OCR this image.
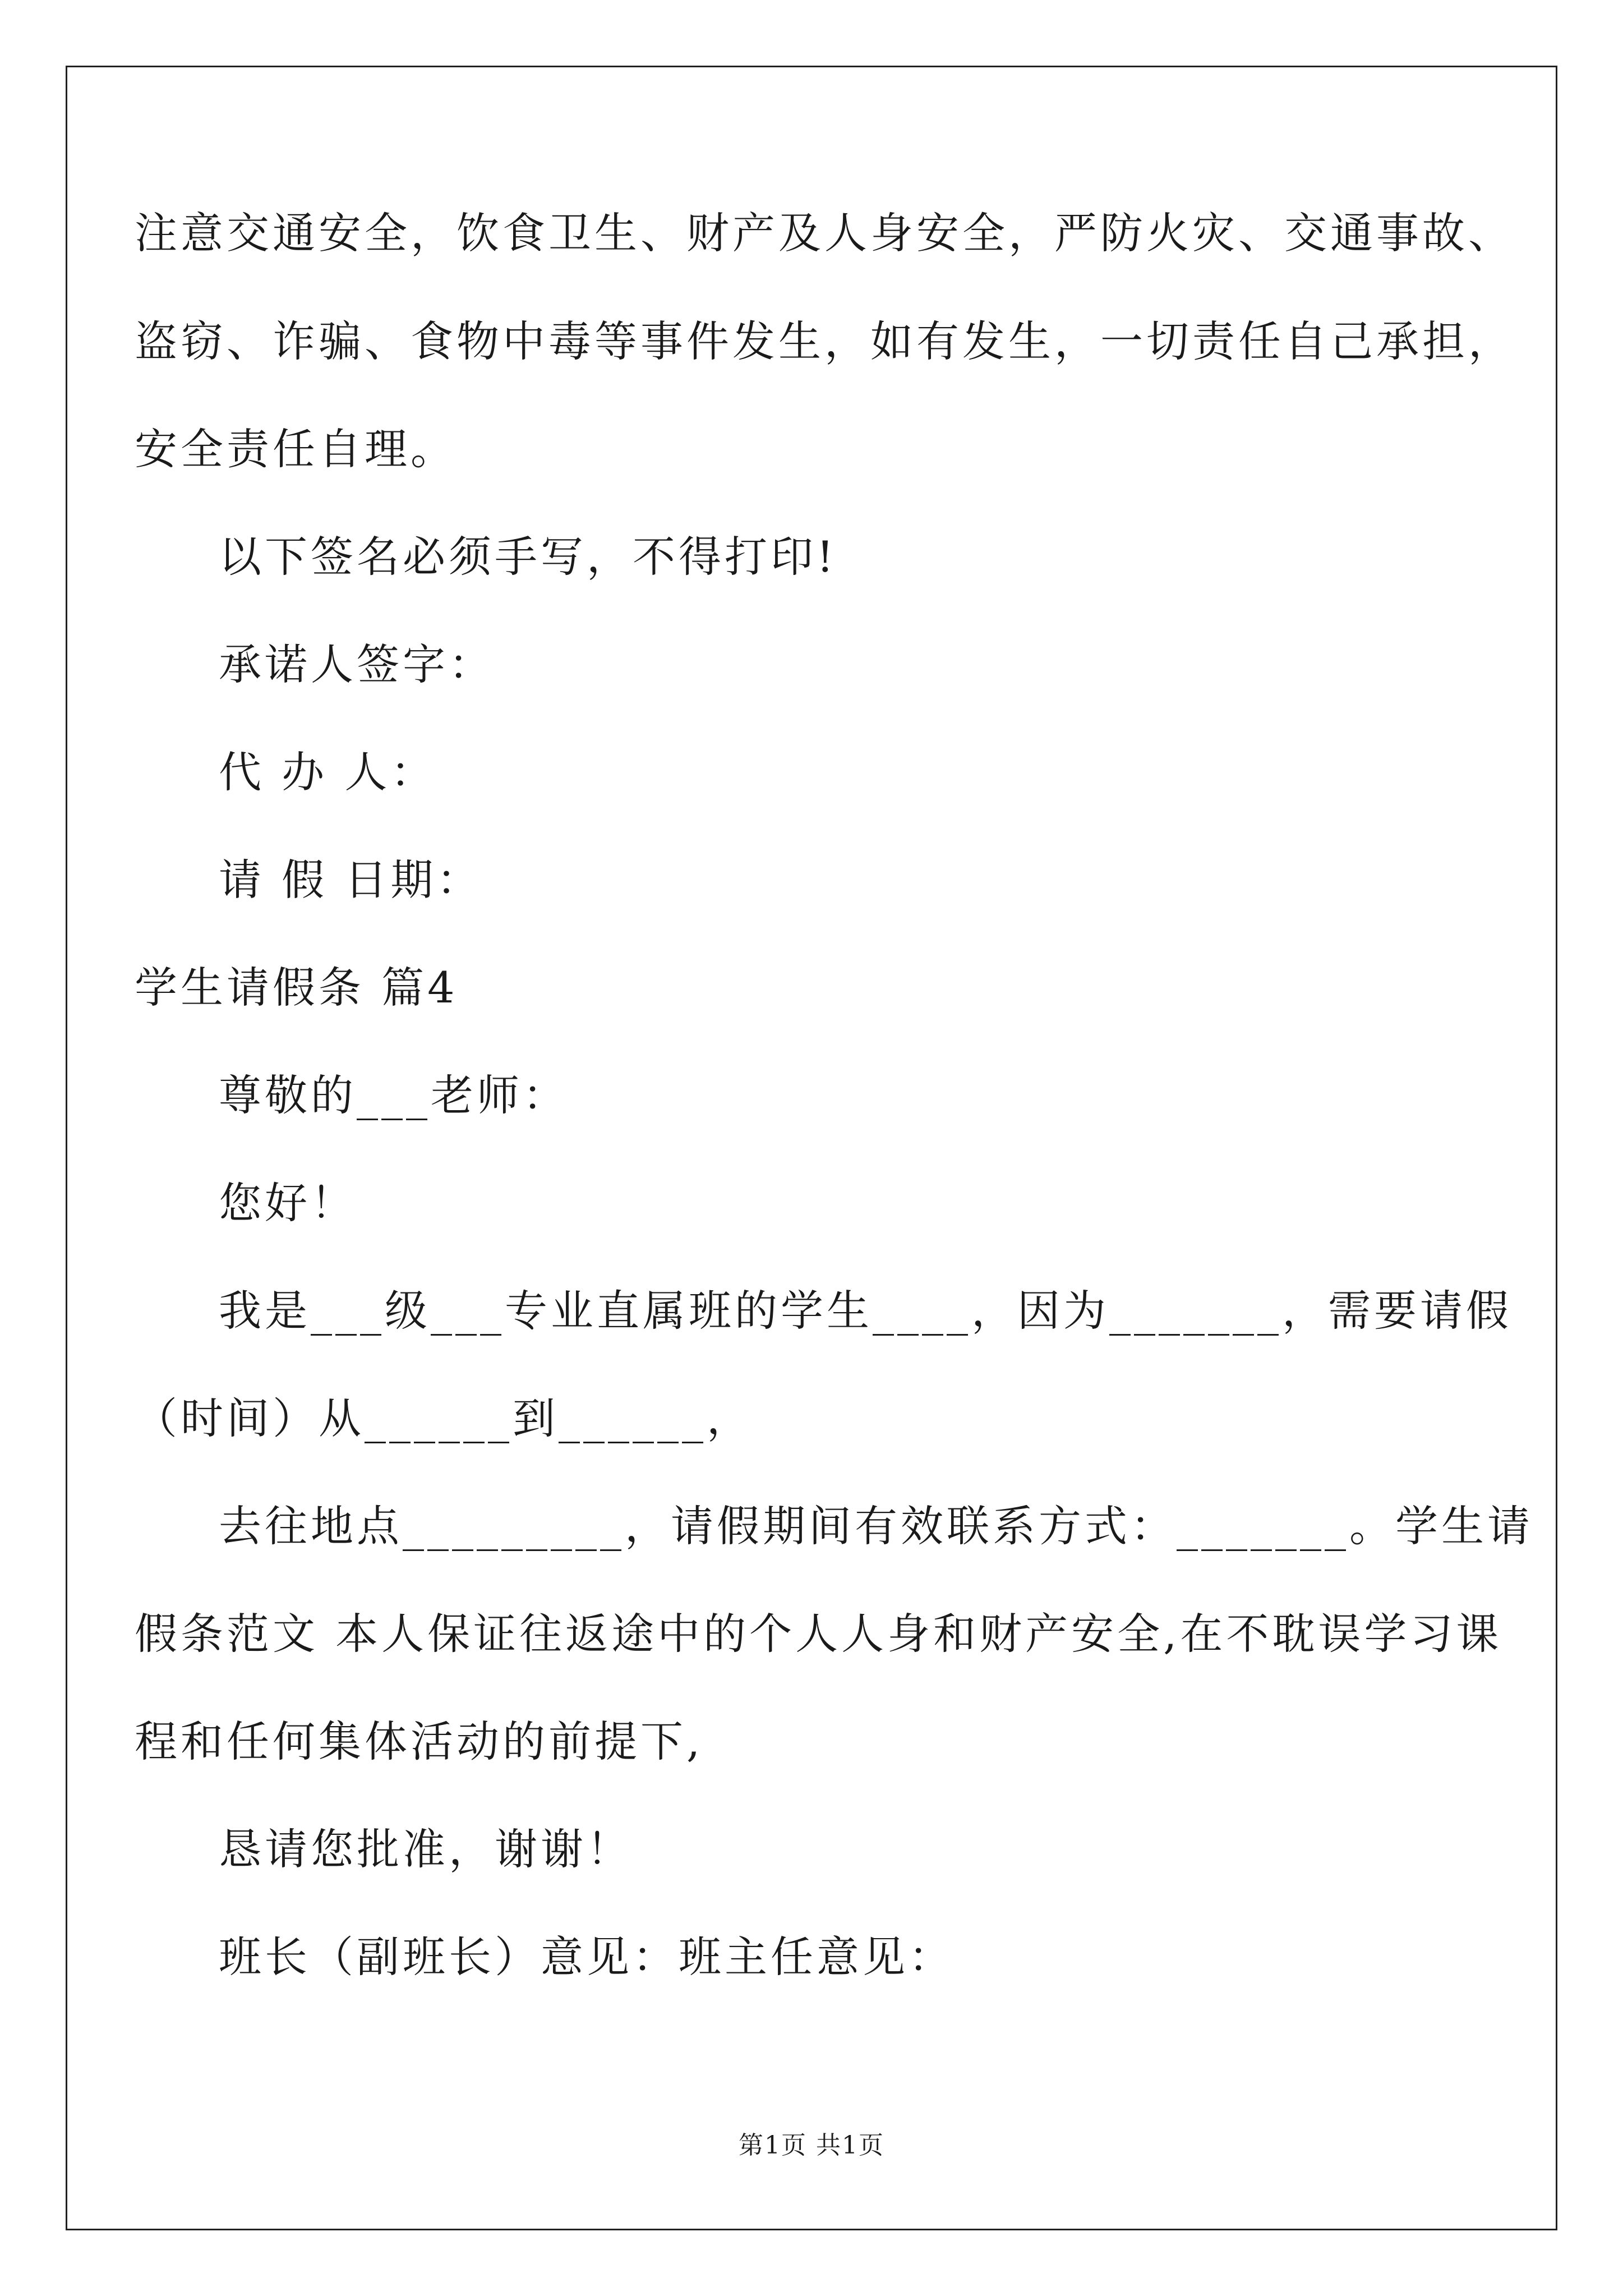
注意交通安全，饮食卫生、财产及人身安全，严防火灾、交通事故、
盗窃、诈骗、食物中毒等事件发生，如有发生，一切责任自己承担，
安全责任自理。
以下签名必须手写，不得打印!
承诺人签字：
代 办 人：
请 假 日期：
学生请假条 篇4
尊敬的___老师：
您好！
我是___级___专业直属班的学生____，因为_______，需要请假
（时间）从______到______，
去往地点_________，请假期间有效联系方式：_______。学生请
假条范文 本人保证往返途中的个人人身和财产安全,在不耽误学习课
程和任何集体活动的前提下,
恳请您批准，谢谢！
班长（副班长）意见：班主任意见：
第1页 共1页
